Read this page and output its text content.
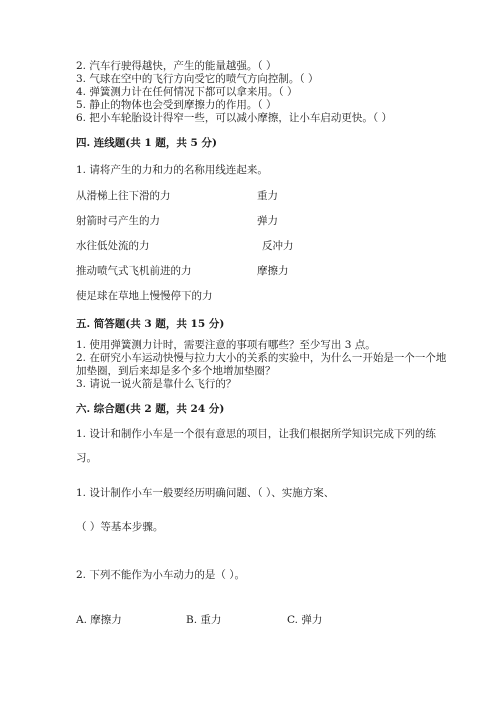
2. 汽车行驶得越快，产生的能量越强。（ ）
3. 气球在空中的飞行方向受它的喷气方向控制。（ ）
4. 弹簧测力计在任何情况下都可以拿来用。（ ）
5. 静止的物体也会受到摩擦力的作用。（ ）
6. 把小车轮胎设计得窄一些，可以减小摩擦，让小车启动更快。（ ）
四. 连线题(共 1 题，共 5 分)
1. 请将产生的力和力的名称用线连起来。
从滑梯上往下滑的力
射箭时弓产生的力
水往低处流的力
推动喷气式飞机前进的力
使足球在草地上慢慢停下的力
重力
弹力
反冲力
摩擦力
五. 简答题(共 3 题，共 15 分)
1. 使用弹簧测力计时，需要注意的事项有哪些？至少写出 3 点。
2. 在研究小车运动快慢与拉力大小的关系的实验中，为什么一开始是一个一个地
加垫圈，到后来却是多个多个地增加垫圈？
3. 请说一说火箭是靠什么飞行的？
六. 综合题(共 2 题，共 24 分)
1. 设计和制作小车是一个很有意思的项目，让我们根据所学知识完成下列的练
习。
1. 设计制作小车一般要经历明确问题、（ ）、实施方案、
（ ）等基本步骤。
2. 下列不能作为小车动力的是（ ）。
A. 摩擦力	B. 重力	C. 弹力
